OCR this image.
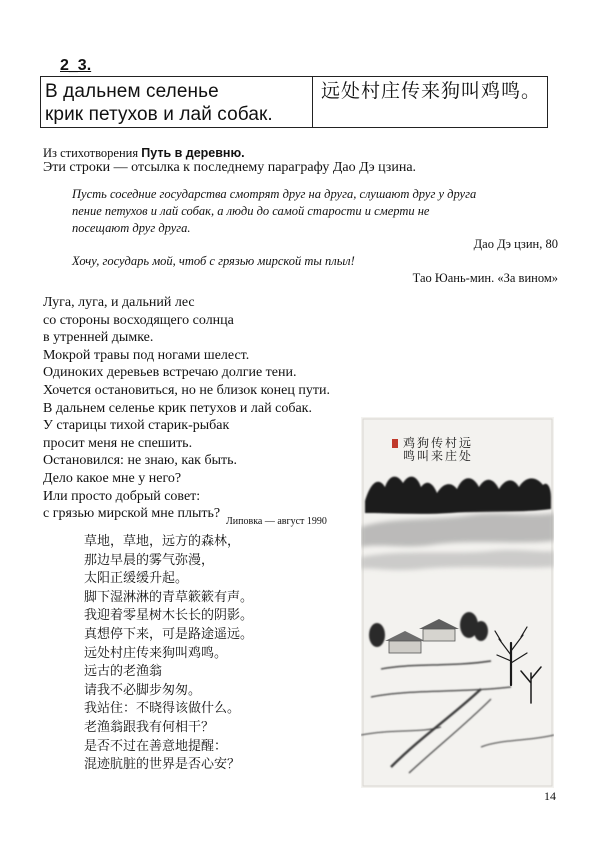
2_3.
В дальнем селенье
крик петухов и лай собак.
远处村庄传来狗叫鸡鸣。
Из стихотворения Путь в деревню.
Эти строки — отсылка к последнему параграфу Дао Дэ цзина.
Пусть соседние государства смотрят друг на друга, слушают друг у друга
пение петухов и лай собак, а люди до самой старости и смерти не
посещают друг друга.
Дао Дэ цзин, 80
Хочу, государь мой, чтоб с грязью мирской ты плыл!
Тао Юань-мин. «За вином»
Луга, луга, и дальний лес
со стороны восходящего солнца
в утренней дымке.
Мокрой травы под ногами шелест.
Одиноких деревьев встречаю долгие тени.
Хочется остановиться, но не близок конец пути.
В дальнем селенье крик петухов и лай собак.
У старицы тихой старик-рыбак
просит меня не спешить.
Остановился: не знаю, как быть.
Дело какое мне у него?
Или просто добрый совет:
с грязью мирской мне плыть?
Липовка — август 1990
草地，草地，远方的森林，
那边早晨的雾气弥漫，
太阳正缓缓升起。
脚下湿淋淋的青草簌簌有声。
我迎着零星树木长长的阴影。
真想停下来，可是路途遥远。
远处村庄传来狗叫鸡鸣。
远古的老渔翁
请我不必脚步匆匆。
我站住：不晓得该做什么。
老渔翁跟我有何相干？
是否不过在善意地提醒：
混迹肮脏的世界是否心安？
远处
村庄
传来
狗叫
鸡鸣
14
